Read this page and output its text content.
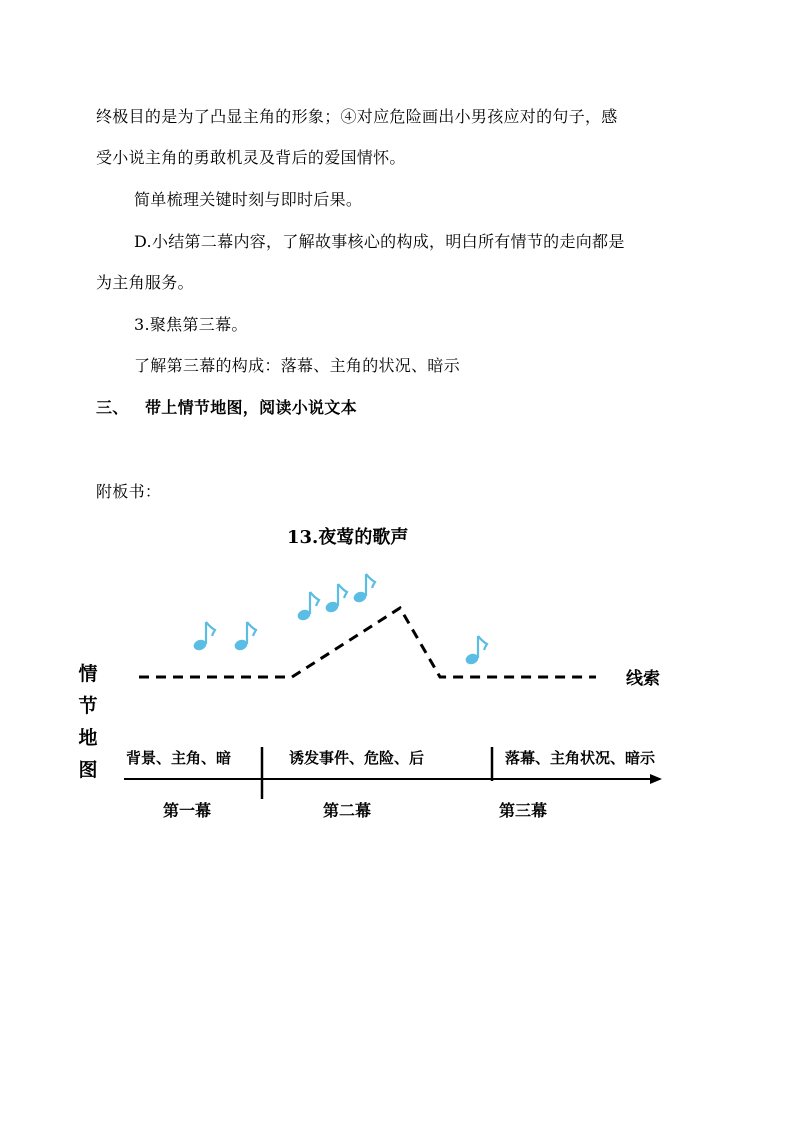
终极目的是为了凸显主角的形象；④对应危险画出小男孩应对的句子，感
受小说主角的勇敢机灵及背后的爱国情怀。
简单梳理关键时刻与即时后果。
D.小结第二幕内容，了解故事核心的构成，明白所有情节的走向都是
为主角服务。
3.聚焦第三幕。
了解第三幕的构成：落幕、主角的状况、暗示
三、 带上情节地图，阅读小说文本
附板书：
13.夜莺的歌声
情
节
地
图
线索
背景、主角、暗	诱发事件、危险、后	落幕、主角状况、暗示
第一幕	第二幕	第三幕
